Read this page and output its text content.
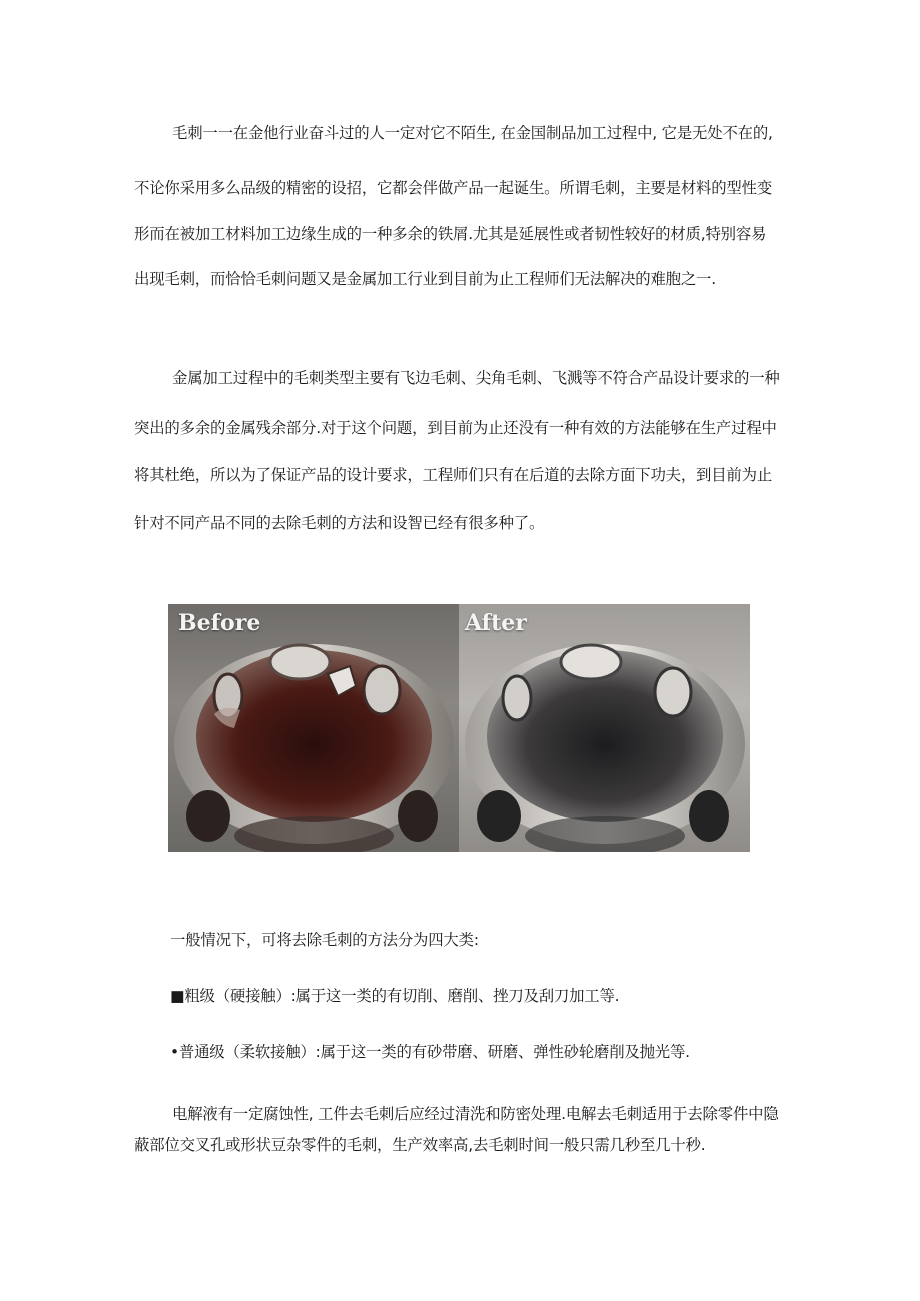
毛刺一一在金他行业奋斗过的人一定对它不陌生, 在金国制品加工过程中, 它是无处不在的,
不论你采用多么品级的精密的设招，它都会伴做产品一起诞生。所谓毛刺，主要是材料的型性变
形而在被加工材料加工边缘生成的一种多余的铁屑.尤其是延展性或者韧性较好的材质,特别容易
出现毛刺，而恰恰毛刺问题又是金属加工行业到目前为止工程师们无法解决的难胞之一.
金属加工过程中的毛刺类型主要有飞边毛刺、尖角毛刺、飞溅等不符合产品设计要求的一种
突出的多余的金属残余部分.对于这个问题，到目前为止还没有一种有效的方法能够在生产过程中
将其杜绝，所以为了保证产品的设计要求，工程师们只有在后道的去除方面下功夫，到目前为止
针对不同产品不同的去除毛刺的方法和设智已经有很多种了。
Before	After
一般情况下，可将去除毛刺的方法分为四大类:
■粗级（硬接触）:属于这一类的有切削、磨削、挫刀及刮刀加工等.
•普通级（柔软接触）:属于这一类的有砂带磨、研磨、弹性砂轮磨削及抛光等.
电解液有一定腐蚀性, 工件去毛刺后应经过清洗和防密处理.电解去毛刺适用于去除零件中隐
蔽部位交叉孔或形状豆杂零件的毛刺，生产效率高,去毛刺时间一般只需几秒至几十秒.
